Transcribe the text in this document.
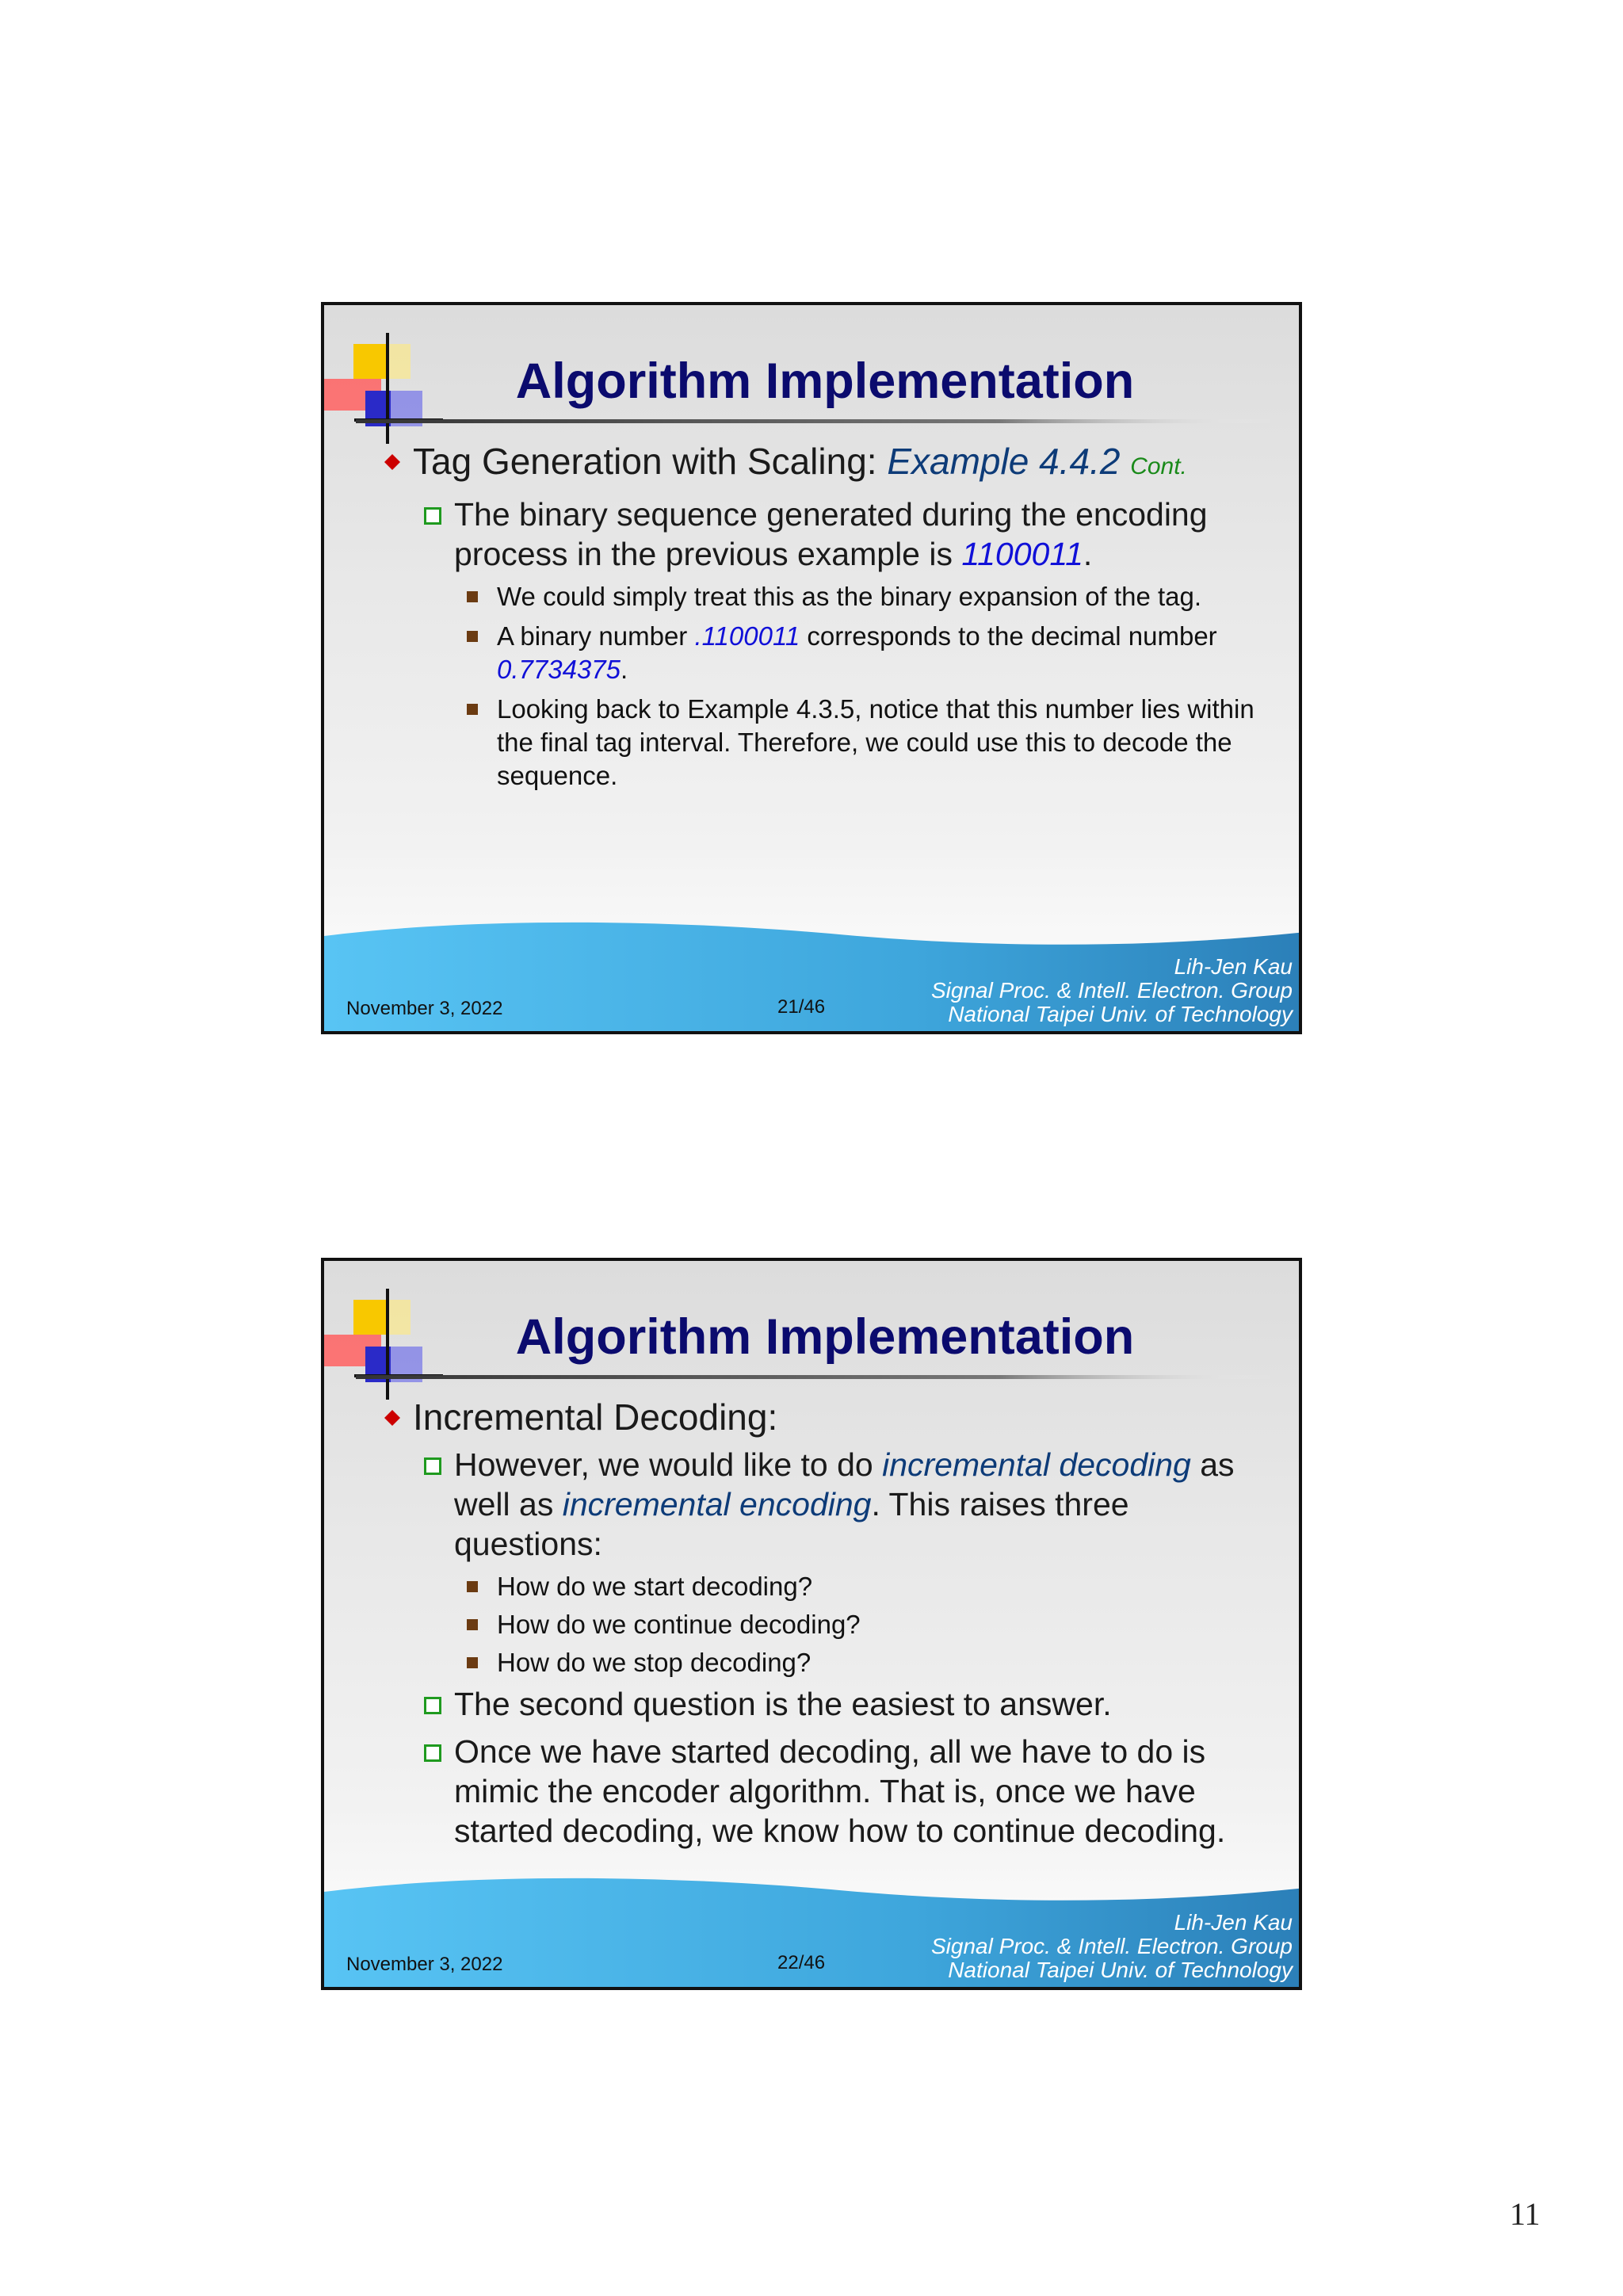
Algorithm Implementation
Tag Generation with Scaling: Example 4.4.2 Cont.
The binary sequence generated during the encoding process in the previous example is 1100011.
We could simply treat this as the binary expansion of the tag.
A binary number .1100011 corresponds to the decimal number 0.7734375.
Looking back to Example 4.3.5, notice that this number lies within the final tag interval. Therefore, we could use this to decode the sequence.
November 3, 2022	21/46
Lih-Jen Kau
Signal Proc. & Intell. Electron. Group
National Taipei Univ. of Technology
Algorithm Implementation
Incremental Decoding:
However, we would like to do incremental decoding as well as incremental encoding. This raises three questions:
How do we start decoding?
How do we continue decoding?
How do we stop decoding?
The second question is the easiest to answer.
Once we have started decoding, all we have to do is mimic the encoder algorithm. That is, once we have started decoding, we know how to continue decoding.
November 3, 2022	22/46
Lih-Jen Kau
Signal Proc. & Intell. Electron. Group
National Taipei Univ. of Technology
11
